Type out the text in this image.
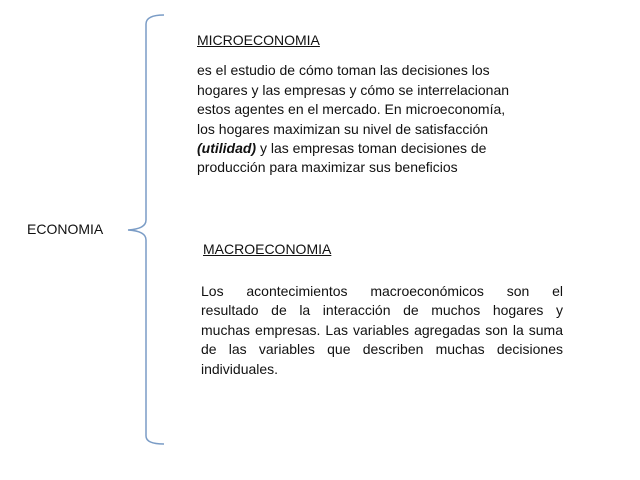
ECONOMIA
MICROECONOMIA
es el estudio de cómo toman las decisiones los
hogares y las empresas y cómo se interrelacionan
estos agentes en el mercado. En microeconomía,
los hogares maximizan su nivel de satisfacción
(utilidad) y las empresas toman decisiones de
producción para maximizar sus beneficios
MACROECONOMIA
Los acontecimientos macroeconómicos son el
resultado de la interacción de muchos hogares y
muchas empresas. Las variables agregadas son la suma
de las variables que describen muchas decisiones
individuales.
